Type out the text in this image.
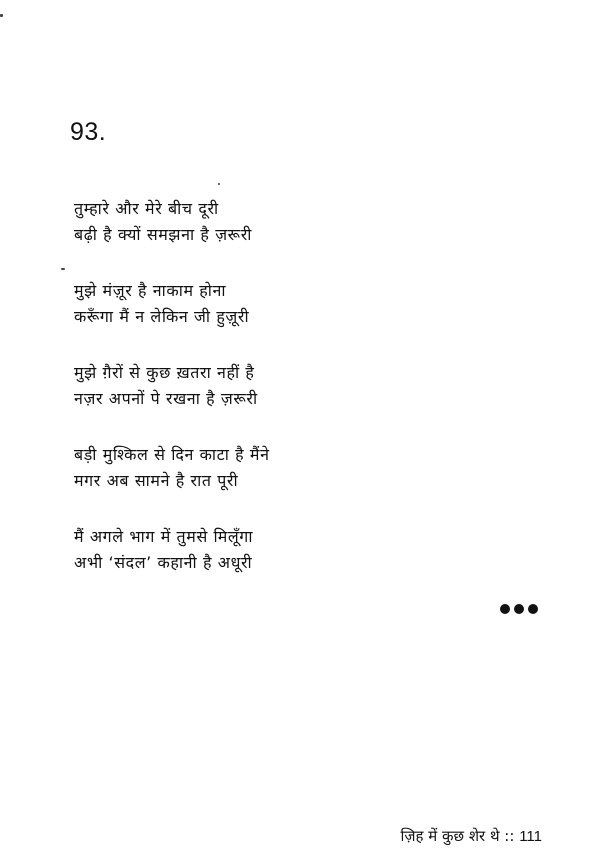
93.
तुम्हारे और मेरे बीच दूरी
बढ़ी है क्यों समझना है ज़रूरी
मुझे मंज़ूर है नाकाम होना
करूँगा मैं न लेकिन जी हुज़ूरी
मुझे ग़ैरों से कुछ ख़तरा नहीं है
नज़र अपनों पे रखना है ज़रूरी
बड़ी मुश्किल से दिन काटा है मैंने
मगर अब सामने है रात पूरी
मैं अगले भाग में तुमसे मिलूँगा
अभी ‘संदल’ कहानी है अधूरी
ज़िह में कुछ शेर थे :: 111
